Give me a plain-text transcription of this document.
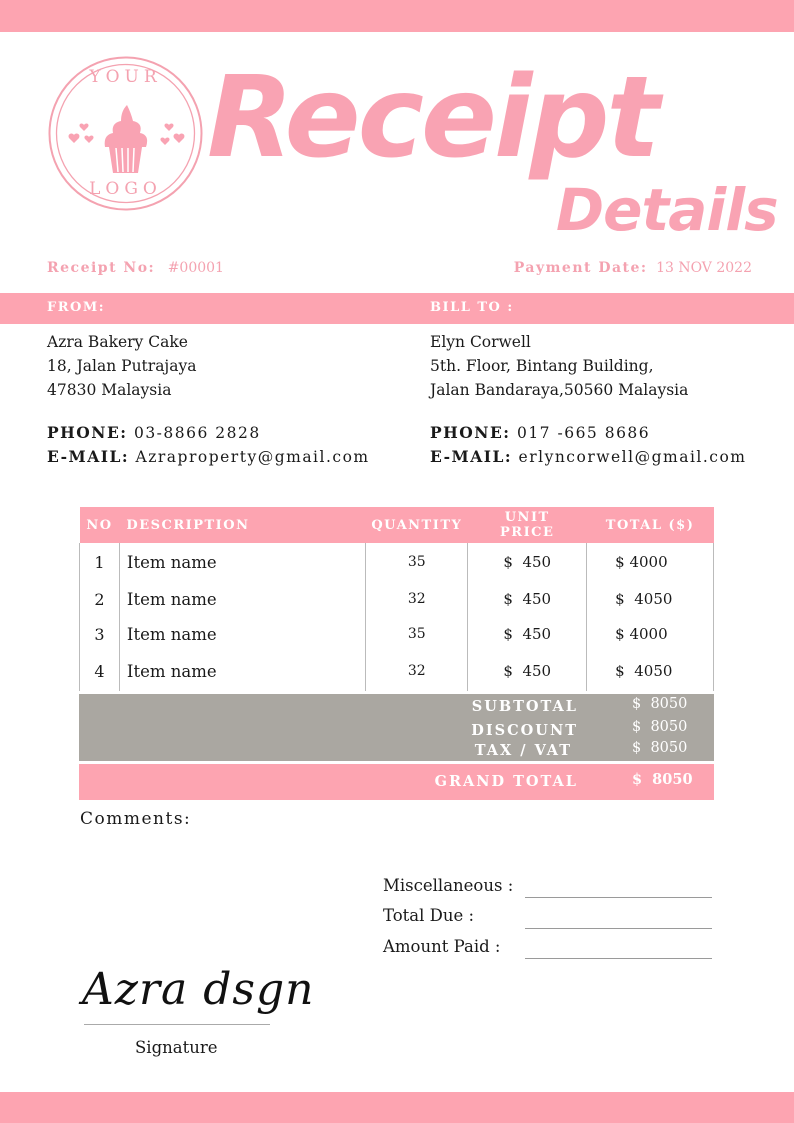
YOUR
LOGO
Receipt
Details
Receipt No: #00001	Payment Date: 13 NOV 2022
FROM:	BILL TO :
Azra Bakery Cake
18, Jalan Putrajaya
47830 Malaysia
PHONE: 03-8866 2828
E-MAIL: Azraproperty@gmail.com
Elyn Corwell
5th. Floor, Bintang Building,
Jalan Bandaraya,50560 Malaysia
PHONE: 017 -665 8686
E-MAIL: erlyncorwell@gmail.com
NO	DESCRIPTION	QUANTITY	UNIT PRICE	TOTAL ($)
1	Item name	35	$  450	$ 4000
2	Item name	32	$  450	$  4050
3	Item name	35	$  450	$ 4000
4	Item name	32	$  450	$  4050
SUBTOTAL	$  8050
DISCOUNT	$  8050
TAX / VAT	$  8050
GRAND TOTAL	$  8050
Comments:
Miscellaneous :
Total Due :
Amount Paid :
Azra dsgn
Signature
